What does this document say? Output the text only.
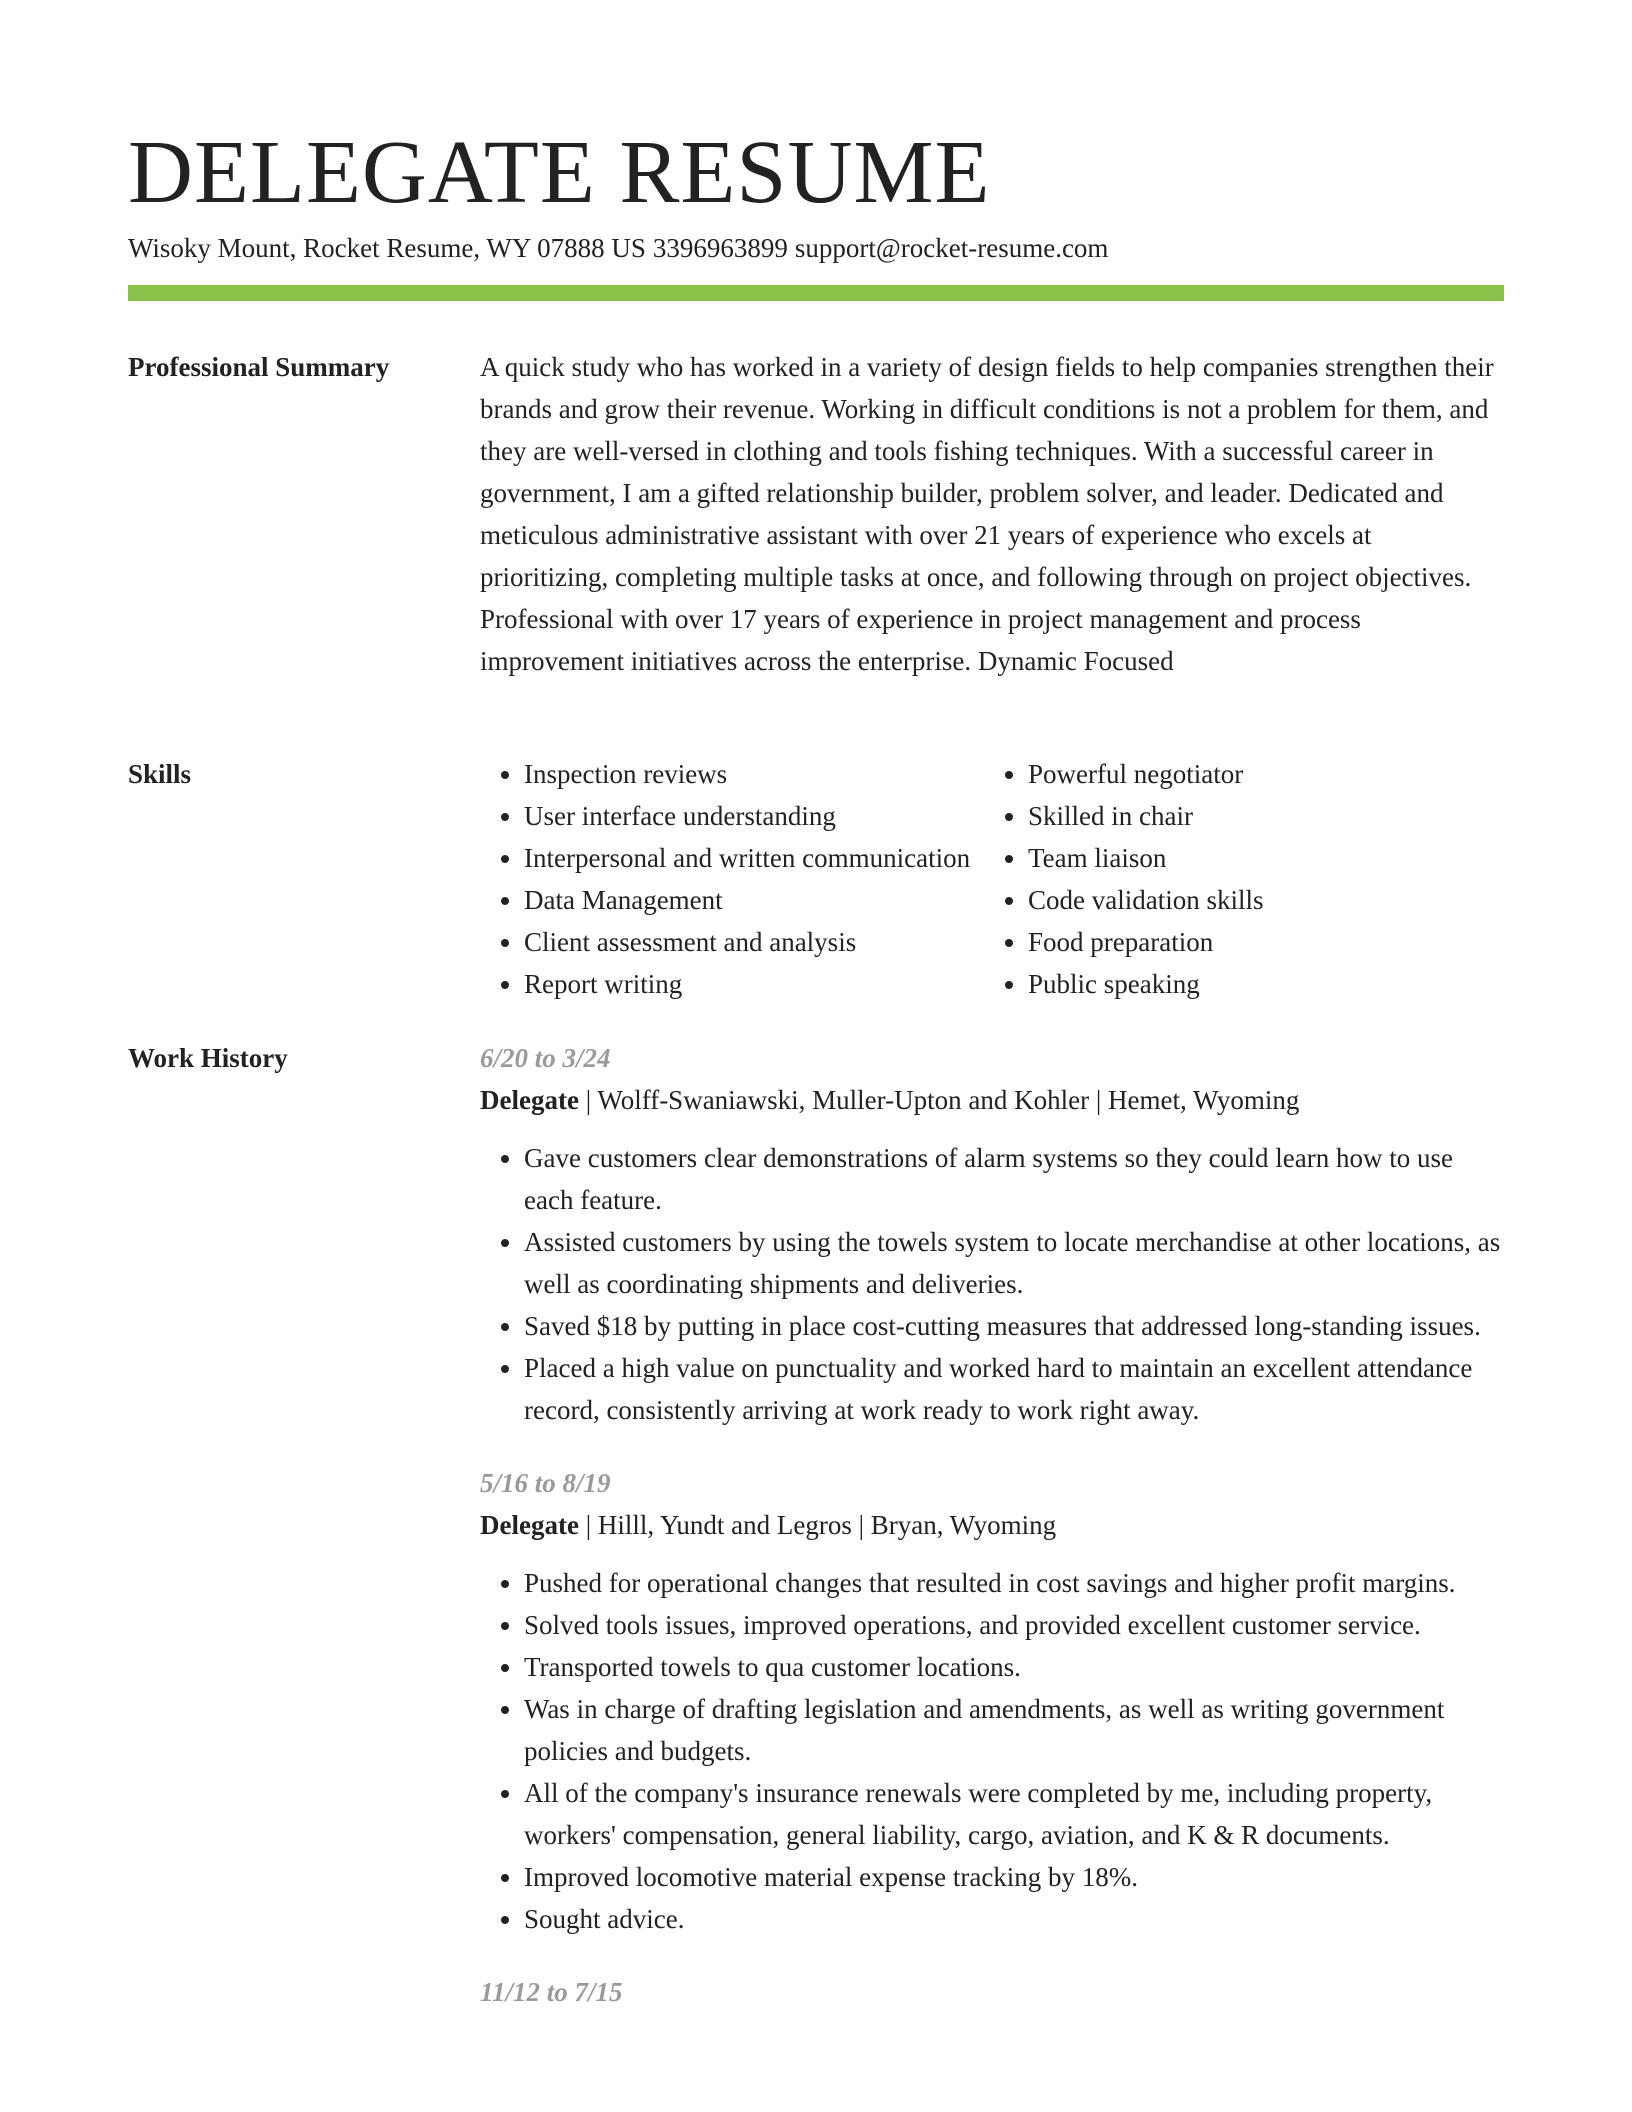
DELEGATE RESUME
Wisoky Mount, Rocket Resume, WY 07888 US 3396963899 support@rocket-resume.com
Professional Summary	A quick study who has worked in a variety of design fields to help companies strengthen their brands and grow their revenue. Working in difficult conditions is not a problem for them, and they are well-versed in clothing and tools fishing techniques. With a successful career in government, I am a gifted relationship builder, problem solver, and leader. Dedicated and meticulous administrative assistant with over 21 years of experience who excels at prioritizing, completing multiple tasks at once, and following through on project objectives. Professional with over 17 years of experience in project management and process improvement initiatives across the enterprise. Dynamic Focused

Skills
•	Inspection reviews
• User interface understanding
• Interpersonal and written communication
• Data Management
• Client assessment and analysis
• Report writing
• Powerful negotiator
• Skilled in chair
• Team liaison
• Code validation skills
• Food preparation
• Public speaking
Work History	6/20 to 3/24
Delegate | Wolff-Swaniawski, Muller-Upton and Kohler | Hemet, Wyoming
• Gave customers clear demonstrations of alarm systems so they could learn how to use each feature.
• Assisted customers by using the towels system to locate merchandise at other locations, as well as coordinating shipments and deliveries.
• Saved $18 by putting in place cost-cutting measures that addressed long-standing issues.
• Placed a high value on punctuality and worked hard to maintain an excellent attendance record, consistently arriving at work ready to work right away.
5/16 to 8/19
Delegate | Hilll, Yundt and Legros | Bryan, Wyoming
• Pushed for operational changes that resulted in cost savings and higher profit margins.
• Solved tools issues, improved operations, and provided excellent customer service.
• Transported towels to qua customer locations.
• Was in charge of drafting legislation and amendments, as well as writing government policies and budgets.
• All of the company's insurance renewals were completed by me, including property, workers' compensation, general liability, cargo, aviation, and K & R documents.
• Improved locomotive material expense tracking by 18%.
• Sought advice.
11/12 to 7/15
